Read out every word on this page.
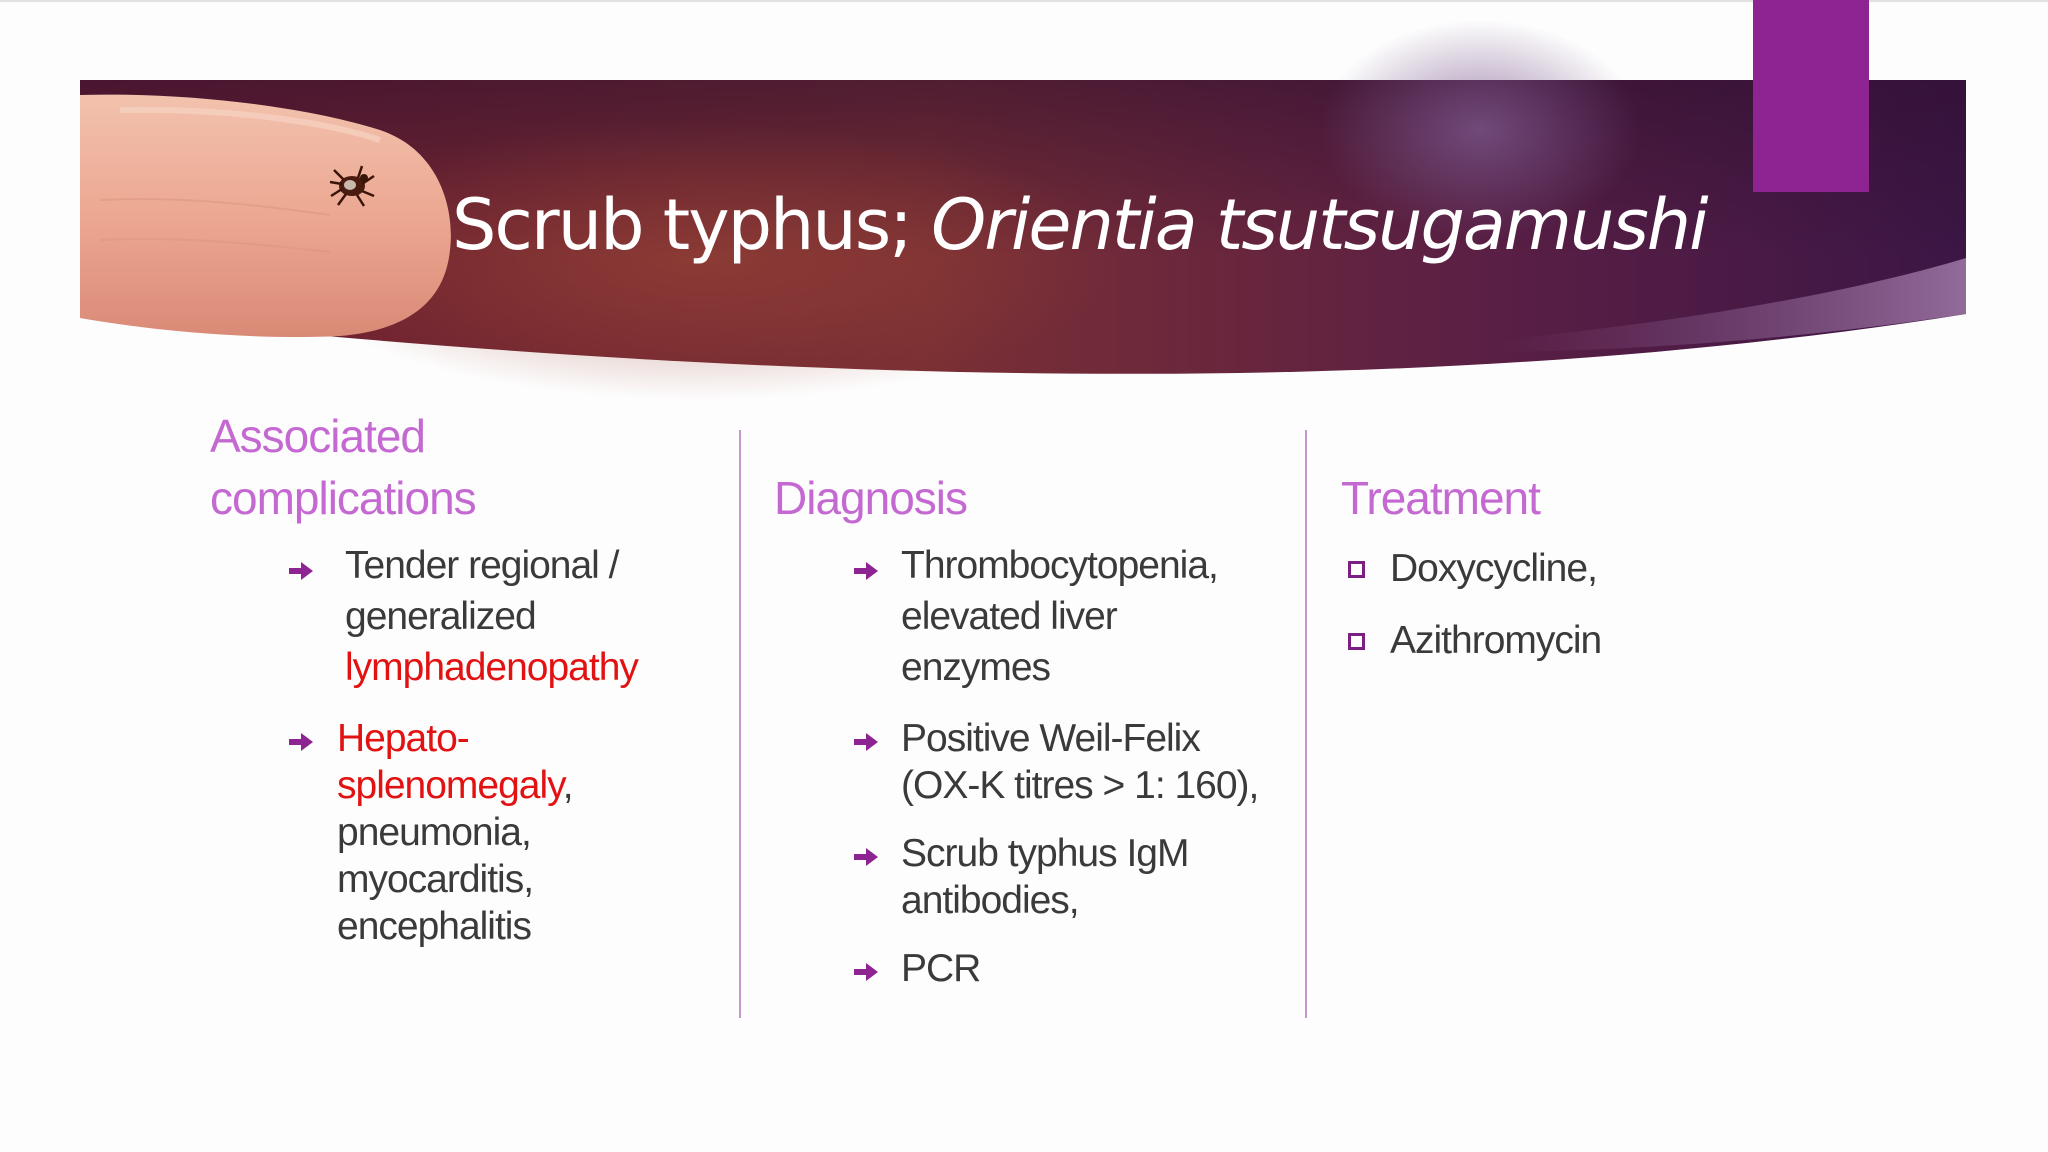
Scrub typhus; Orientia tsutsugamushi
Associated
complications
Tender regional /
generalized
lymphadenopathy
Hepato-
splenomegaly,
pneumonia,
myocarditis,
encephalitis
Diagnosis
Thrombocytopenia,
elevated liver
enzymes
Positive Weil-Felix
(OX-K titres > 1: 160),
Scrub typhus IgM
antibodies,
PCR
Treatment
Doxycycline,
Azithromycin
